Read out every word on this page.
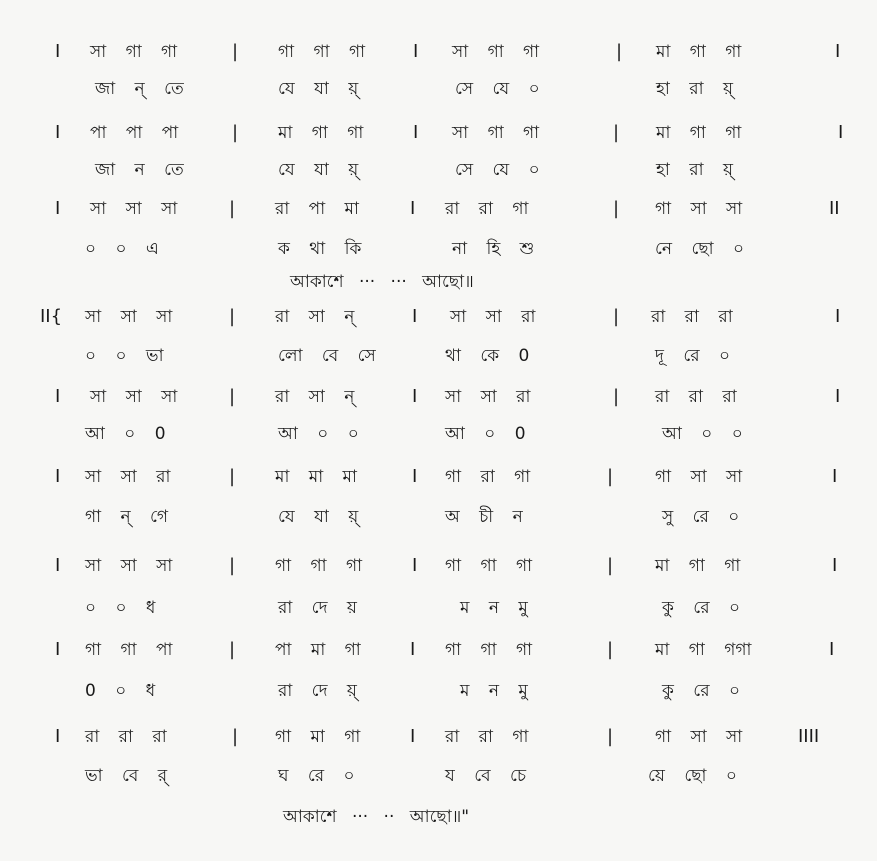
I সা গা গা	| গা গা গা	I সা গা গা	| মা গা গা	I
জা ন্ তে	যে যা য়্	সে যে ০	হা রা য়্
I পা পা পা	| মা গা গা	I সা গা গা	| মা গা গা	I
জা ন তে	যে যা য়্	সে যে ০	হা রা য়্
I সা সা সা	| রা পা মা	I রা রা গা	| গা সা সা	II
০ ০ এ	ক থা কি	না হি শু	নে ছো ০
আকাশে ··· ··· আছো॥
II{ সা সা সা	| রা সা ন্	I সা সা রা	| রা রা রা	I
০ ০ ভা	লো বে সে	থা কে 0	দূ রে ০
I সা সা সা	| রা সা ন্	I সা সা রা	| রা রা রা	I
আ ০ 0	আ ০ ০	আ ০ 0	আ ০ ০
I সা সা রা	| মা মা মা	I গা রা গা	| গা সা সা	I
গা ন্ গে	যে যা য়্	অ চী ন	সু রে ০
I সা সা সা	| গা গা গা	I গা গা গা	| মা গা গা	I
০ ০ ধ	রা দে য়	ম ন মু	কু রে ০
I গা গা পা	| পা মা গা	I গা গা গা	| মা গা গগা	I
0 ০ ধ	রা দে য়্	ম ন মু	কু রে ০
I রা রা রা	| গা মা গা	I রা রা গা	| গা সা সা	IIII
ভা বে র্	ঘ রে ০	য বে চে	য়ে ছো ০
আকাশে ··· ·· আছো॥"
